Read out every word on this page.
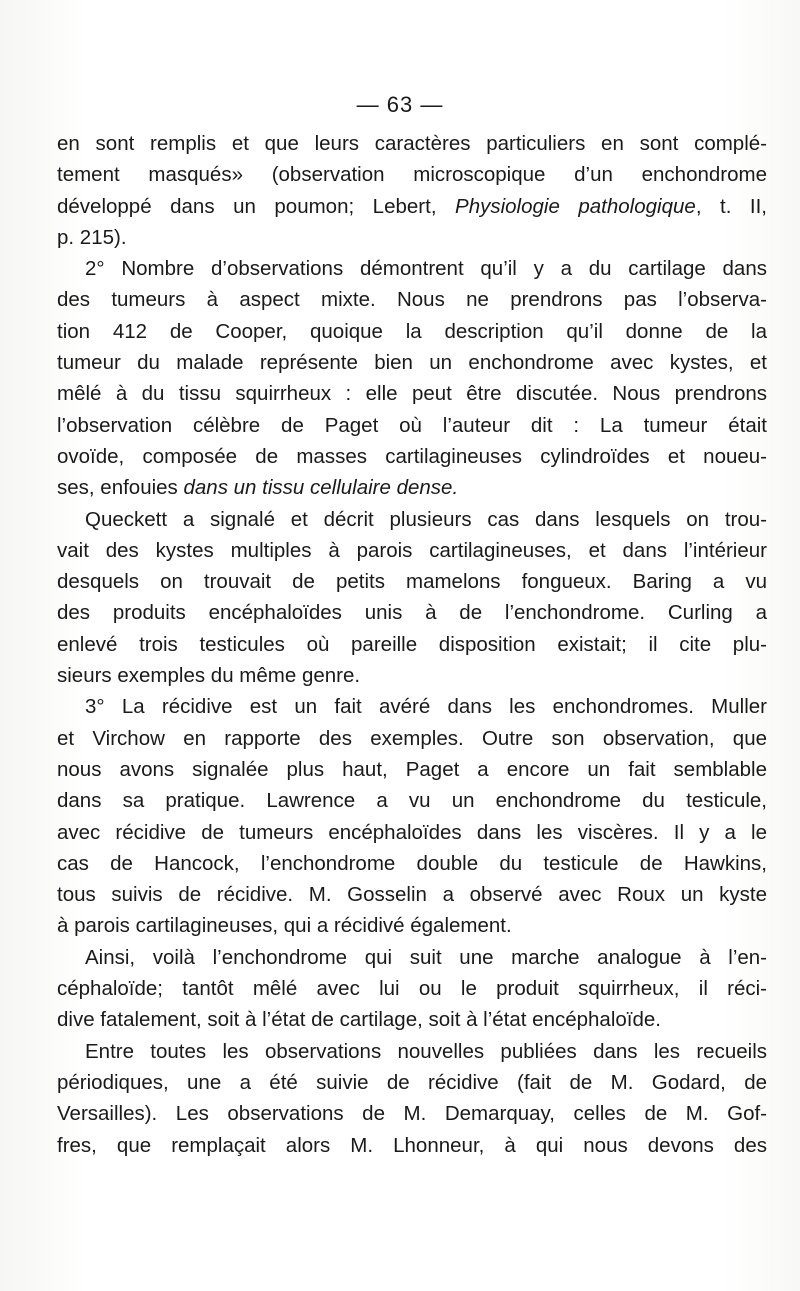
— 63 —
en sont remplis et que leurs caractères particuliers en sont complé-
tement masqués» (observation microscopique d’un enchondrome
développé dans un poumon; Lebert, Physiologie pathologique, t. II,
p. 215).
2° Nombre d’observations démontrent qu’il y a du cartilage dans
des tumeurs à aspect mixte. Nous ne prendrons pas l’observa-
tion 412 de Cooper, quoique la description qu’il donne de la
tumeur du malade représente bien un enchondrome avec kystes, et
mêlé à du tissu squirrheux : elle peut être discutée. Nous prendrons
l’observation célèbre de Paget où l’auteur dit : La tumeur était
ovoïde, composée de masses cartilagineuses cylindroïdes et noueu-
ses, enfouies dans un tissu cellulaire dense.
Queckett a signalé et décrit plusieurs cas dans lesquels on trou-
vait des kystes multiples à parois cartilagineuses, et dans l’intérieur
desquels on trouvait de petits mamelons fongueux. Baring a vu
des produits encéphaloïdes unis à de l’enchondrome. Curling a
enlevé trois testicules où pareille disposition existait; il cite plu-
sieurs exemples du même genre.
3° La récidive est un fait avéré dans les enchondromes. Muller
et Virchow en rapporte des exemples. Outre son observation, que
nous avons signalée plus haut, Paget a encore un fait semblable
dans sa pratique. Lawrence a vu un enchondrome du testicule,
avec récidive de tumeurs encéphaloïdes dans les viscères. Il y a le
cas de Hancock, l’enchondrome double du testicule de Hawkins,
tous suivis de récidive. M. Gosselin a observé avec Roux un kyste
à parois cartilagineuses, qui a récidivé également.
Ainsi, voilà l’enchondrome qui suit une marche analogue à l’en-
céphaloïde; tantôt mêlé avec lui ou le produit squirrheux, il réci-
dive fatalement, soit à l’état de cartilage, soit à l’état encéphaloïde.
Entre toutes les observations nouvelles publiées dans les recueils
périodiques, une a été suivie de récidive (fait de M. Godard, de
Versailles). Les observations de M. Demarquay, celles de M. Gof-
fres, que remplaçait alors M. Lhonneur, à qui nous devons des
